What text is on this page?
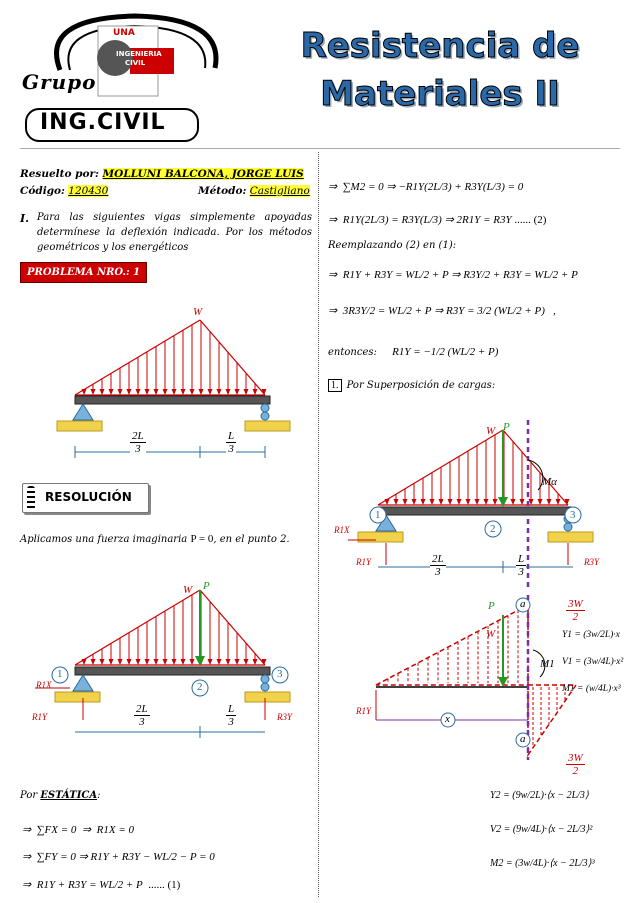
UNA
INGENIERIA
CIVIL
Grupo
ING.CIVIL
Resistencia de
Materiales II
Resuelto por: MOLLUNI BALCONA, JORGE LUIS
Código: 120430	Método: Castigliano
I. Para las siguientes vigas simplemente apoyadas determínese la deflexión indicada. Por los métodos geométricos y los energéticos
PROBLEMA NRO.: 1
W
$\frac{2L}{3}$	$\frac{L}{3}$
RESOLUCIÓN
Aplicamos una fuerza imaginaria P = 0, en el punto 2.
W P
1
2
3
R1X
R1Y	R3Y
$\frac{2L}{3}$	$\frac{L}{3}$
Por ESTÁTICA:
⇒  ∑FX = 0  ⇒  R1X = 0
⇒  ∑FY = 0 ⇒ R1Y + R3Y − WL/2 − P = 0
⇒  R1Y + R3Y = WL/2 + P ...... (1)
⇒  ∑M2 = 0 ⇒ −R1Y(2L/3) + R3Y(L/3) = 0
⇒  R1Y(2L/3) = R3Y(L/3) ⇒ 2R1Y = R3Y ...... (2)
Reemplazando (2) en (1):
⇒  R1Y + R3Y = WL/2 + P ⇒ R3Y/2 + R3Y = WL/2 + P
⇒  3R3Y/2 = WL/2 + P ⇒ R3Y = 3/2 (WL/2 + P)   ,
entonces: R1Y = −1/2 (WL/2 + P)
1. Por Superposición de cargas:
W P
Mα
1
2
3
R1X
R1Y	R3Y
$\frac{2L}{3}$	$\frac{L}{3}$
P
W
M1
R1Y
x
a
a
$\frac{3W}{2}$
$\frac{3W}{2}$
Y1 = (3w/2L)·x
V1 = (3w/4L)·x²
M1 = (w/4L)·x³
Y2 = (9w/2L)·⟨x − 2L/3⟩
V2 = (9w/4L)·⟨x − 2L/3⟩²
M2 = (3w/4L)·⟨x − 2L/3⟩³
